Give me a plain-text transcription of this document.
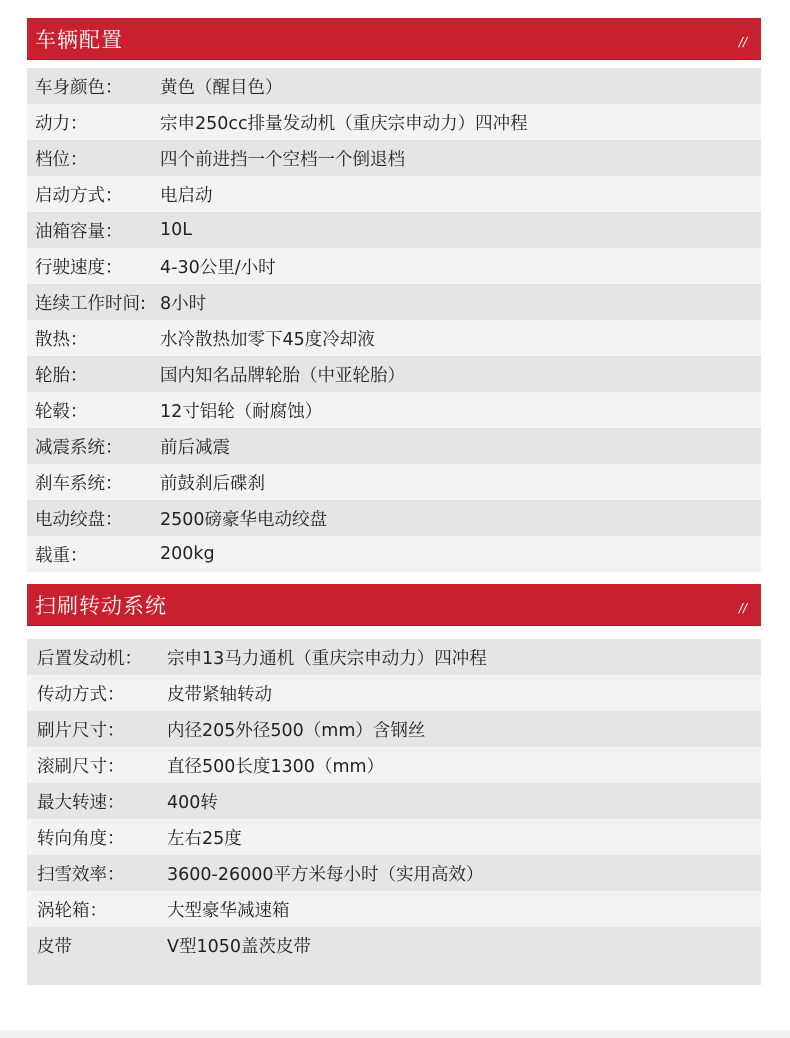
车辆配置	//
车身颜色：	黄色（醒目色）
动力：	宗申250cc排量发动机（重庆宗申动力）四冲程
档位：	四个前进挡一个空档一个倒退档
启动方式：	电启动
油箱容量：	10L
行驶速度：	4-30公里/小时
连续工作时间: 8小时
散热：	水冷散热加零下45度冷却液
轮胎：	国内知名品牌轮胎（中亚轮胎）
轮毂：	12寸铝轮（耐腐蚀）
减震系统：	前后减震
刹车系统：	前鼓刹后碟刹
电动绞盘：	2500磅豪华电动绞盘
载重：	200kg
扫刷转动系统	//
后置发动机：	宗申13马力通机（重庆宗申动力）四冲程
传动方式：	皮带紧轴转动
刷片尺寸：	内径205外径500（mm）含钢丝
滚刷尺寸：	直径500长度1300（mm）
最大转速：	400转
转向角度：	左右25度
扫雪效率：	3600-26000平方米每小时（实用高效）
涡轮箱：	大型豪华减速箱
皮带	V型1050盖茨皮带
